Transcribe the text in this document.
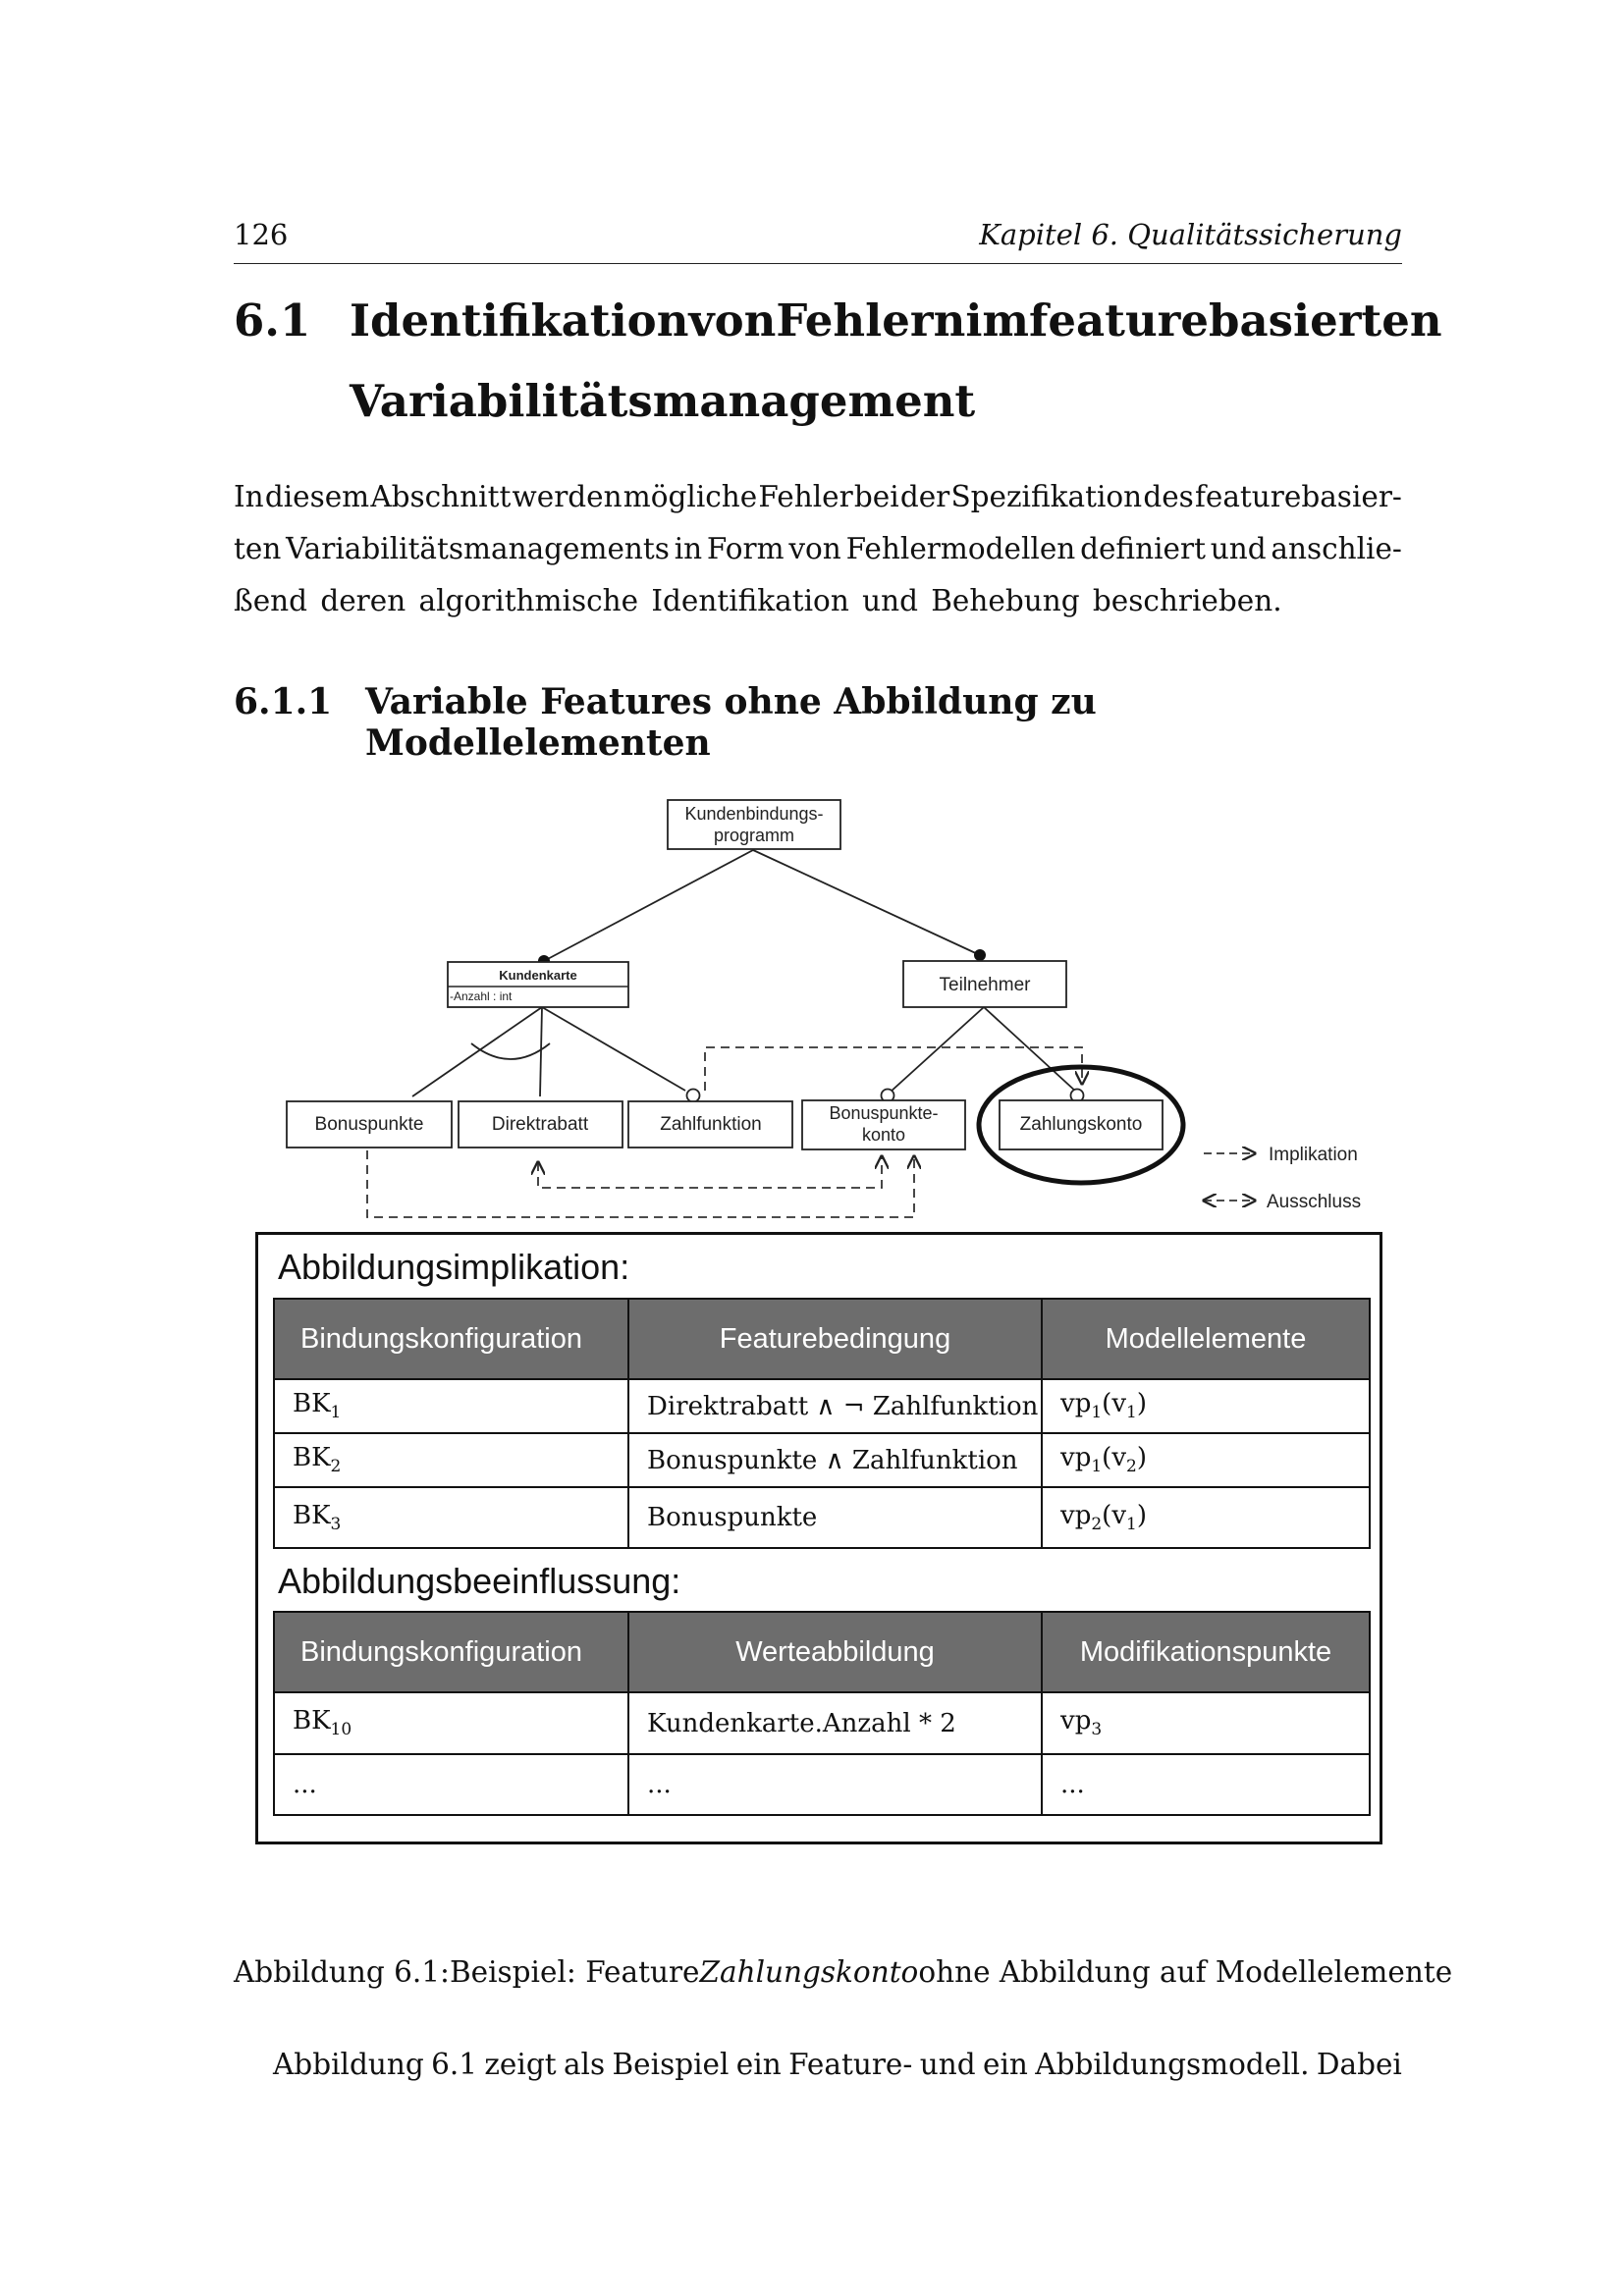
126	Kapitel 6. Qualitätssicherung
6.1 Identifikation von Fehlern im featurebasierten
Variabilitätsmanagement
In diesem Abschnitt werden mögliche Fehler bei der Spezifikation des featurebasier-
ten Variabilitätsmanagements in Form von Fehlermodellen definiert und anschlie-
ßend deren algorithmische Identifikation und Behebung beschrieben.
6.1.1 Variable Features ohne Abbildung zu Modellelementen
Kundenbindungs-
programm
Kundenkarte
-Anzahl : int
Teilnehmer
Bonuspunkte	Direktrabatt	Zahlfunktion
Bonuspunkte-
konto	Zahlungskonto
Implikation
Ausschluss
Abbildungsimplikation:
Bindungskonfiguration	Featurebedingung	Modellelemente
$BK_1$	Direktrabatt ∧ ¬ Zahlfunktion	$vp_1(v_1)$
$BK_2$	Bonuspunkte ∧ Zahlfunktion	$vp_1(v_2)$
$BK_3$	Bonuspunkte	$vp_2(v_1)$
Abbildungsbeeinflussung:
Bindungskonfiguration	Werteabbildung	Modifikationspunkte
$BK_{10}$	Kundenkarte.Anzahl * 2	$vp_3$
...	...	...
Abbildung 6.1: Beispiel: Feature Zahlungskonto ohne Abbildung auf Modellelemente
Abbildung 6.1 zeigt als Beispiel ein Feature- und ein Abbildungsmodell. Dabei
